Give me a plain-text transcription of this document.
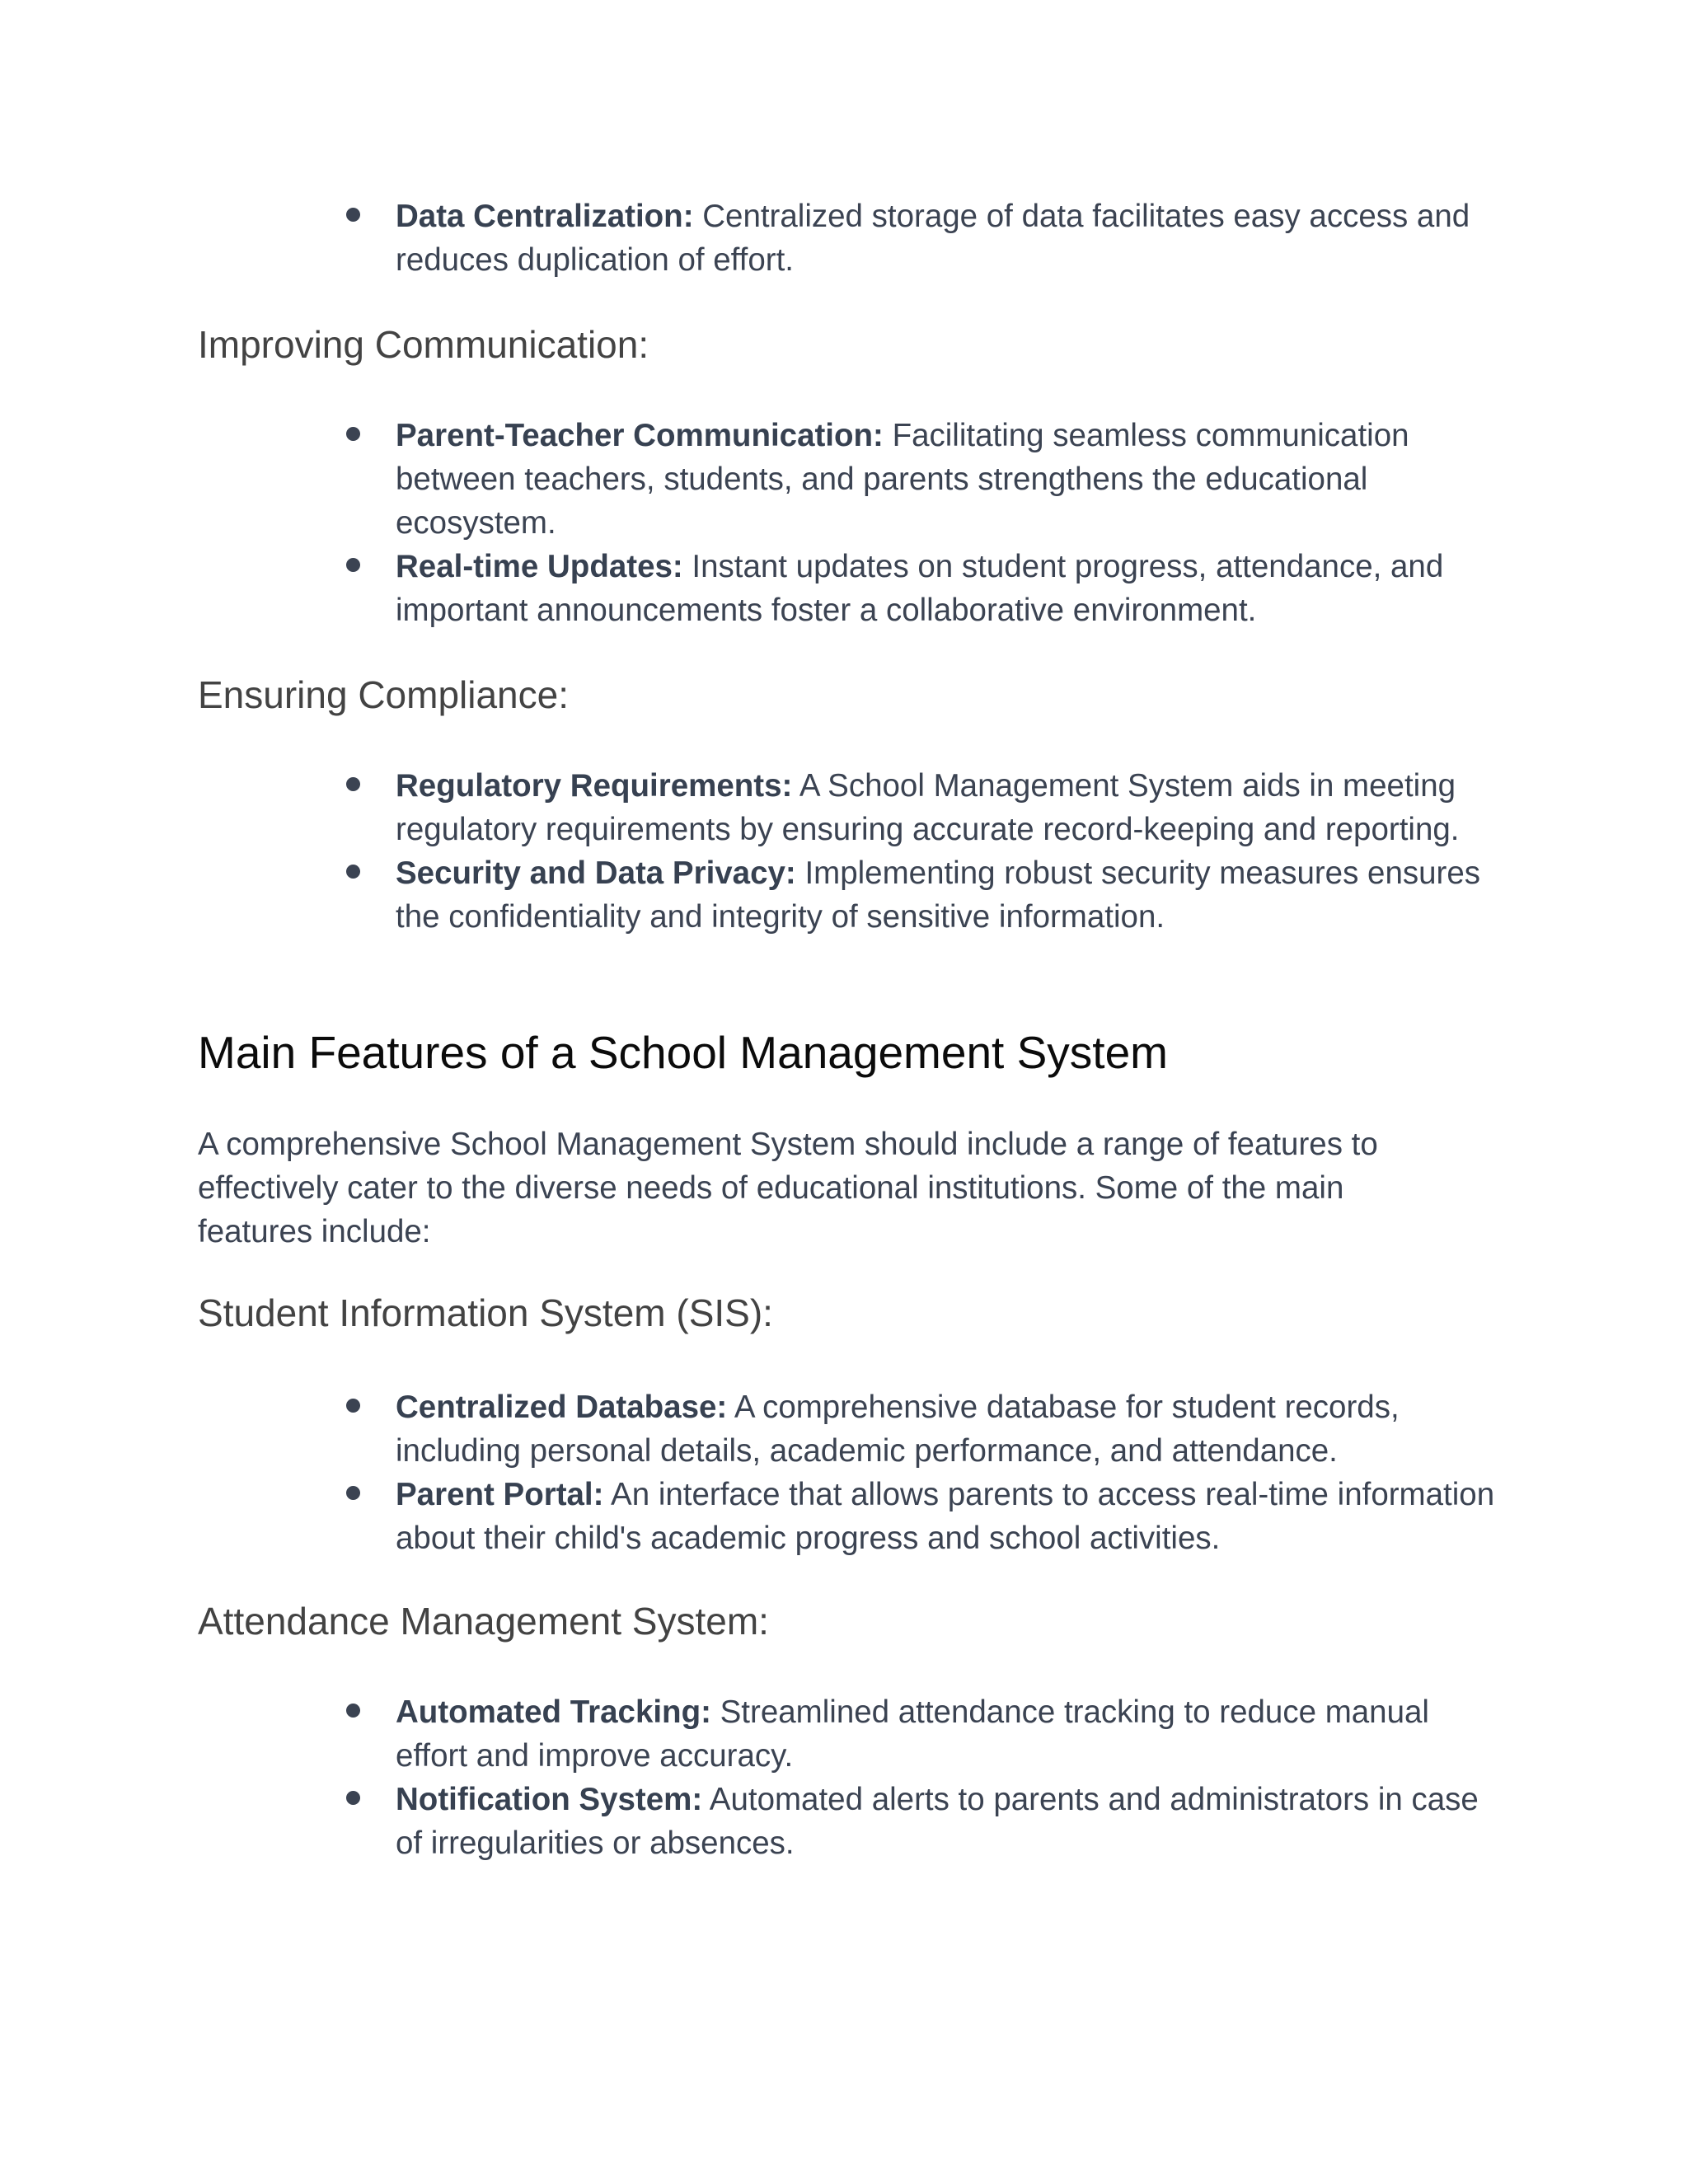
Data Centralization: Centralized storage of data facilitates easy access and reduces duplication of effort.
Improving Communication:
Parent-Teacher Communication: Facilitating seamless communication between teachers, students, and parents strengthens the educational ecosystem.
Real-time Updates: Instant updates on student progress, attendance, and important announcements foster a collaborative environment.
Ensuring Compliance:
Regulatory Requirements: A School Management System aids in meeting regulatory requirements by ensuring accurate record-keeping and reporting.
Security and Data Privacy: Implementing robust security measures ensures the confidentiality and integrity of sensitive information.
Main Features of a School Management System

A comprehensive School Management System should include a range of features to effectively cater to the diverse needs of educational institutions. Some of the main features include:

Student Information System (SIS):
Centralized Database: A comprehensive database for student records, including personal details, academic performance, and attendance.
Parent Portal: An interface that allows parents to access real-time information about their child's academic progress and school activities.
Attendance Management System:
Automated Tracking: Streamlined attendance tracking to reduce manual effort and improve accuracy.
Notification System: Automated alerts to parents and administrators in case of irregularities or absences.
